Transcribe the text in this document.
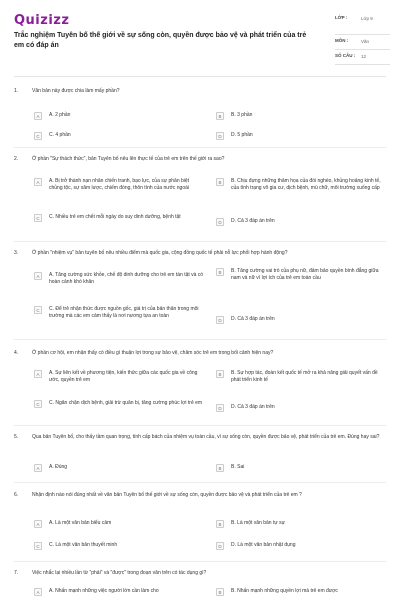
Quizizz
Trắc nghiệm Tuyên bố thế giới về sự sống còn, quyền được bảo vệ và phát triển của trẻ em có đáp án
LỚP :	Lớp 9
MÔN :	Văn
SỐ CÂU :	12
1.	Văn bản này được chia làm mấy phần?
A	A. 2 phần	B	B. 3 phần
C	C. 4 phần	D	D. 5 phần
2.	Ở phần "Sự thách thức", bản Tuyên bố nêu lên thực tế của trẻ em trên thế giới ra sao?
A	A. Bị trở thành nạn nhân chiến tranh, bạo lực, của sự phân biệt chủng tộc, sự xâm lược, chiếm đóng, thôn tính của nước ngoài
B	B. Chịu đựng những thảm họa của đói nghèo, khủng hoảng kinh tế, của tình trạng vô gia cư, dịch bệnh, mù chữ, môi trường xuống cấp
C	C. Nhiều trẻ em chết mỗi ngày do suy dinh dưỡng, bệnh tật
D	D. Cả 3 đáp án trên
3.	Ở phần "nhiệm vụ" bản tuyên bố nêu nhiều điểm mà quốc gia, cộng đồng quốc tế phải nỗ lực phối hợp hành động?
A	A. Tăng cường sức khỏe, chế độ dinh dưỡng cho trẻ em tàn tật và có hoàn cảnh khó khăn
B	B. Tăng cường vai trò của phụ nữ, đảm bảo quyền bình đẳng giữa nam và nữ vì lợi ích của trẻ em toàn cầu
C	C. Để trẻ nhận thức được nguồn gốc, giá trị của bản thân trong môi trường mà các em cảm thấy là nơi nương tựa an toàn
D	D. Cả 3 đáp án trên
4.	Ở phần cơ hội, em nhận thấy có điều gì thuận lợi trong sự bảo vệ, chăm sóc trẻ em trong bối cảnh hiện nay?
A	A. Sự liên kết về phương tiện, kiến thức giữa các quốc gia về công ước, quyền trẻ em
B	B. Sự hợp tác, đoàn kết quốc tế mở ra khả năng giải quyết vấn đề phát triển kinh tế
C	C. Ngăn chặn dịch bệnh, giải trừ quân bị, tăng cường phúc lợi trẻ em
D	D. Cả 3 đáp án trên
5.	Qua bản Tuyên bố, cho thấy tầm quan trọng, tính cấp bách của nhiệm vụ toàn cầu, vì sự sống còn, quyền được bảo vệ, phát triển của trẻ em. Đúng hay sai?
A	A. Đúng	B	B. Sai
6.	Nhận định nào nói đúng nhất về văn bản Tuyên bố thế giới về sự sống còn, quyền được bảo vệ và phát triển của trẻ em ?
A	A. Là một văn bản biểu cảm	B	B. Là một văn bản tự sự
C	C. Là một văn bản thuyết minh	D	D. Là một văn bản nhật dụng
7.	Việc nhắc lại nhiều lần từ "phải" và "được" trong đoạn văn trên có tác dụng gì?
A	A. Nhấn mạnh những việc người lớn cần làm cho	B	B. Nhấn mạnh những quyền lợi mà trẻ em được
